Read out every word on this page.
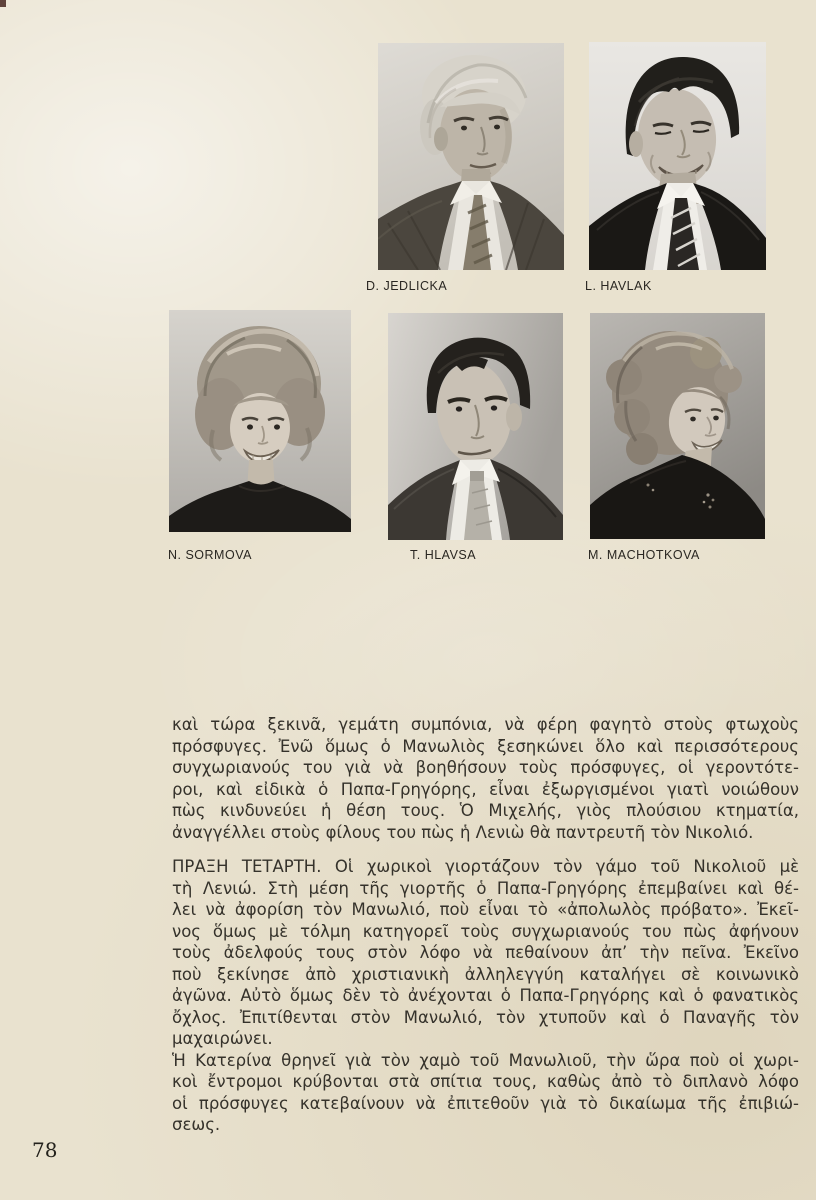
D. JEDLICKA	L. HAVLAK
N. SORMOVA	T. HLAVSA	M. MACHOTKOVA
καὶ τώρα ξεκινᾶ, γεμάτη συμπόνια, νὰ φέρη φαγητὸ στοὺς φτωχοὺς
πρόσφυγες. Ἐνῶ ὅμως ὁ Μανωλιὸς ξεσηκώνει ὅλο καὶ περισσότερους
συγχωριανούς του γιὰ νὰ βοηθήσουν τοὺς πρόσφυγες, οἱ γεροντότε-
ροι, καὶ εἰδικὰ ὁ Παπα-Γρηγόρης, εἶναι ἐξωργισμένοι γιατὶ νοιώθουν
πὼς κινδυνεύει ἡ θέση τους. Ὁ Μιχελής, γιὸς πλούσιου κτηματία,
ἀναγγέλλει στοὺς φίλους του πὼς ἡ Λενιὼ θὰ παντρευτῆ τὸν Νικολιό.
ΠΡΑΞΗ ΤΕΤΑΡΤΗ. Οἱ χωρικοὶ γιορτάζουν τὸν γάμο τοῦ Νικολιοῦ μὲ
τὴ Λενιώ. Στὴ μέση τῆς γιορτῆς ὁ Παπα-Γρηγόρης ἐπεμβαίνει καὶ θέ-
λει νὰ ἀφορίση τὸν Μανωλιό, ποὺ εἶναι τὸ «ἀπολωλὸς πρόβατο». Ἐκεῖ-
νος ὅμως μὲ τόλμη κατηγορεῖ τοὺς συγχωριανούς του πὼς ἀφήνουν
τοὺς ἀδελφούς τους στὸν λόφο νὰ πεθαίνουν ἀπ’ τὴν πεῖνα. Ἐκεῖνο
ποὺ ξεκίνησε ἀπὸ χριστιανικὴ ἀλληλεγγύη καταλήγει σὲ κοινωνικὸ
ἀγῶνα. Αὐτὸ ὅμως δὲν τὸ ἀνέχονται ὁ Παπα-Γρηγόρης καὶ ὁ φανατικὸς
ὄχλος. Ἐπιτίθενται στὸν Μανωλιό, τὸν χτυποῦν καὶ ὁ Παναγῆς τὸν
μαχαιρώνει.
Ἡ Κατερίνα θρηνεῖ γιὰ τὸν χαμὸ τοῦ Μανωλιοῦ, τὴν ὥρα ποὺ οἱ χωρι-
κοὶ ἔντρομοι κρύβονται στὰ σπίτια τους, καθὼς ἀπὸ τὸ διπλανὸ λόφο
οἱ πρόσφυγες κατεβαίνουν νὰ ἐπιτεθοῦν γιὰ τὸ δικαίωμα τῆς ἐπιβιώ-
σεως.
78
